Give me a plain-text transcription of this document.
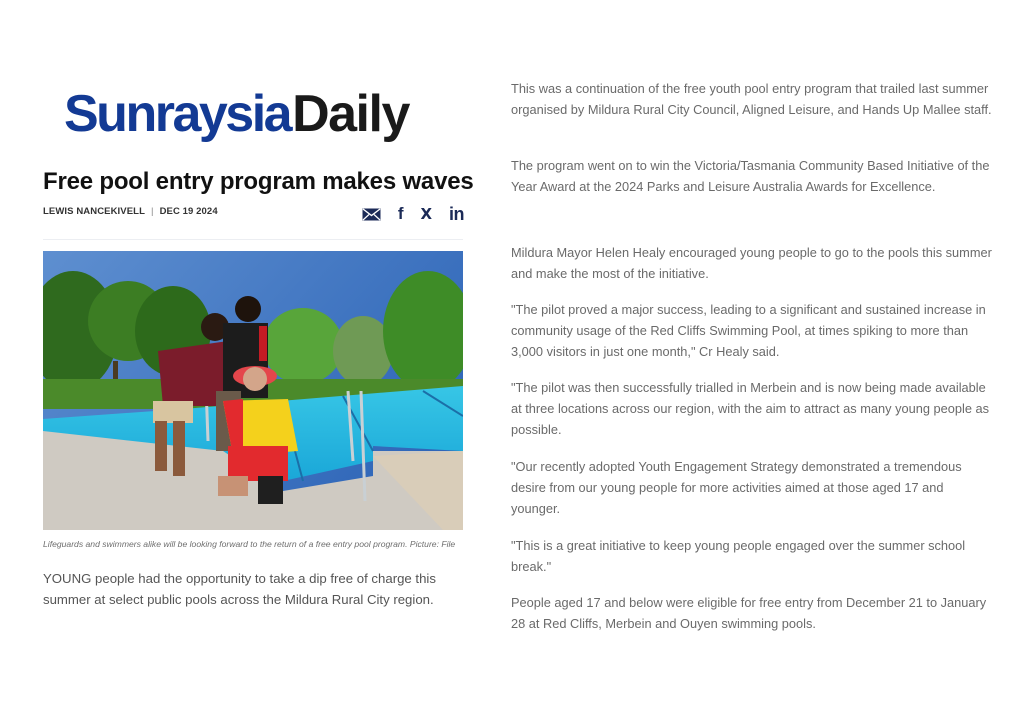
SunraysiaDaily
Free pool entry program makes waves
LEWIS NANCEKIVELL | DEC 19 2024	f X in
Lifeguards and swimmers alike will be looking forward to the return of a free entry pool program. Picture: File

YOUNG people had the opportunity to take a dip free of charge this summer at select public pools across the Mildura Rural City region.

This was a continuation of the free youth pool entry program that trailed last summer organised by Mildura Rural City Council, Aligned Leisure, and Hands Up Mallee staff.

The program went on to win the Victoria/Tasmania Community Based Initiative of the Year Award at the 2024 Parks and Leisure Australia Awards for Excellence.

Mildura Mayor Helen Healy encouraged young people to go to the pools this summer and make the most of the initiative.

"The pilot proved a major success, leading to a significant and sustained increase in community usage of the Red Cliffs Swimming Pool, at times spiking to more than 3,000 visitors in just one month," Cr Healy said.

"The pilot was then successfully trialled in Merbein and is now being made available at three locations across our region, with the aim to attract as many young people as possible.

"Our recently adopted Youth Engagement Strategy demonstrated a tremendous desire from our young people for more activities aimed at those aged 17 and younger.

"This is a great initiative to keep young people engaged over the summer school break."

People aged 17 and below were eligible for free entry from December 21 to January 28 at Red Cliffs, Merbein and Ouyen swimming pools.
